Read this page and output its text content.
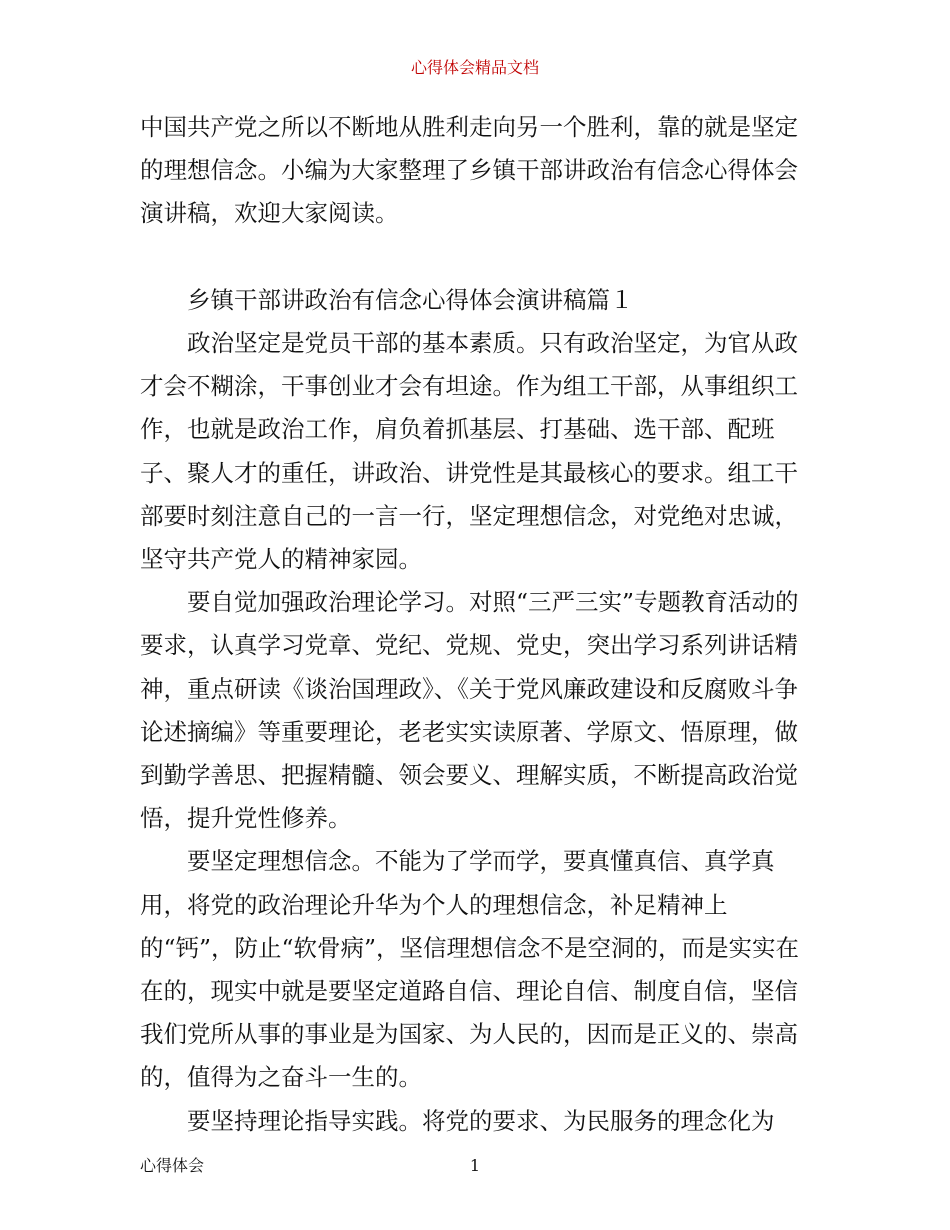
心得体会精品文档

中国共产党之所以不断地从胜利走向另一个胜利，靠的就是坚定的理想信念。小编为大家整理了乡镇干部讲政治有信念心得体会演讲稿，欢迎大家阅读。

乡镇干部讲政治有信念心得体会演讲稿篇１

政治坚定是党员干部的基本素质。只有政治坚定，为官从政才会不糊涂，干事创业才会有坦途。作为组工干部，从事组织工作，也就是政治工作，肩负着抓基层、打基础、选干部、配班子、聚人才的重任，讲政治、讲党性是其最核心的要求。组工干部要时刻注意自己的一言一行，坚定理想信念，对党绝对忠诚，坚守共产党人的精神家园。

要自觉加强政治理论学习。对照“三严三实”专题教育活动的要求，认真学习党章、党纪、党规、党史，突出学习系列讲话精神，重点研读《谈治国理政》、《关于党风廉政建设和反腐败斗争论述摘编》等重要理论，老老实实读原著、学原文、悟原理，做到勤学善思、把握精髓、领会要义、理解实质，不断提高政治觉悟，提升党性修养。

要坚定理想信念。不能为了学而学，要真懂真信、真学真用，将党的政治理论升华为个人的理想信念，补足精神上的“钙”，防止“软骨病”，坚信理想信念不是空洞的，而是实实在在的，现实中就是要坚定道路自信、理论自信、制度自信，坚信我们党所从事的事业是为国家、为人民的，因而是正义的、崇高的，值得为之奋斗一生的。

要坚持理论指导实践。将党的要求、为民服务的理念化为

心得体会	1
